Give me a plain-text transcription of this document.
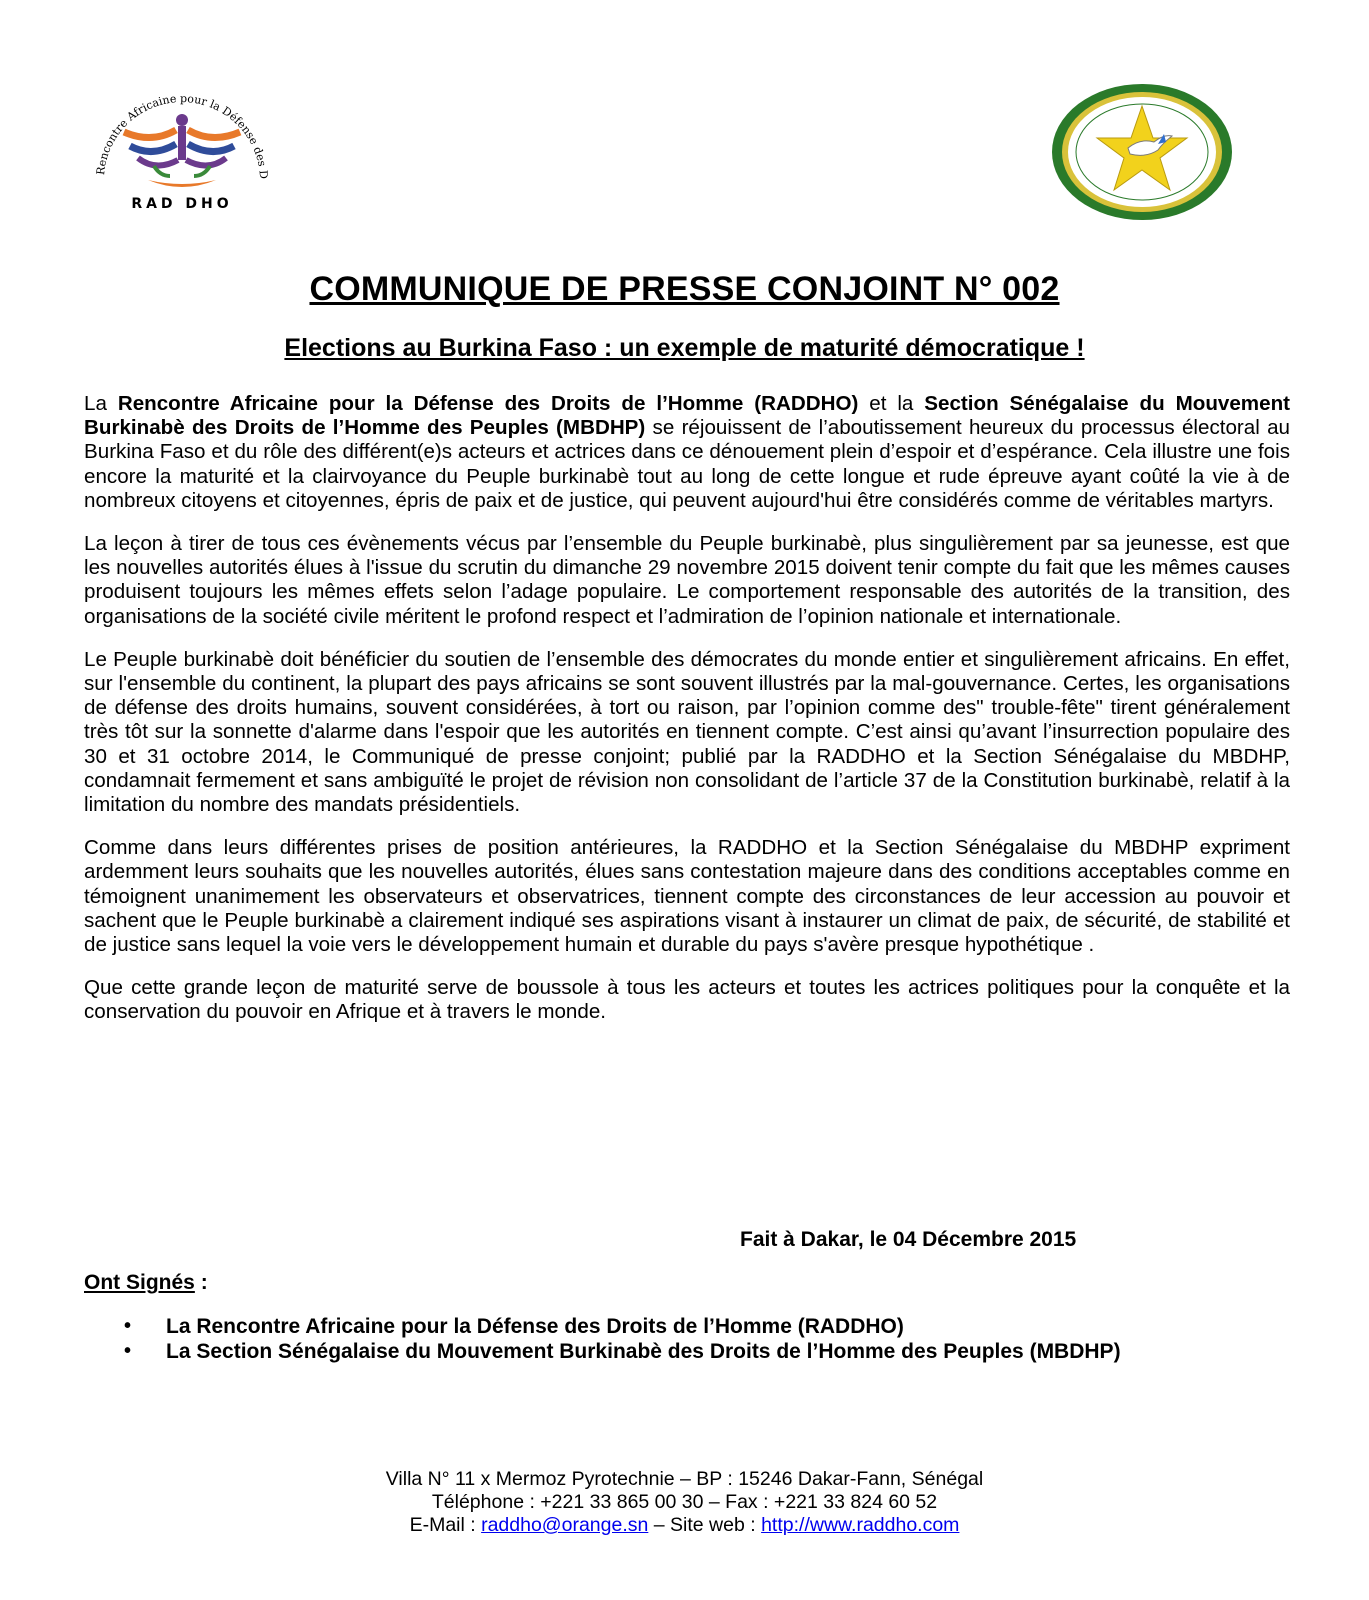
Rencontre Africaine pour la Défense des D
RAD DHO
COMMUNIQUE DE PRESSE CONJOINT N° 002
Elections au Burkina Faso : un exemple de maturité démocratique !

La Rencontre Africaine pour la Défense des Droits de l’Homme (RADDHO) et la Section Sénégalaise du Mouvement Burkinabè des Droits de l’Homme des Peuples (MBDHP) se réjouissent de l’aboutissement heureux du processus électoral au Burkina Faso et du rôle des différent(e)s acteurs et actrices dans ce dénouement plein d’espoir et d’espérance. Cela illustre une fois encore la maturité et la clairvoyance du Peuple burkinabè tout au long de cette longue et rude épreuve ayant coûté la vie à de nombreux citoyens et citoyennes, épris de paix et de justice, qui peuvent aujourd'hui être considérés comme de véritables martyrs.

La leçon à tirer de tous ces évènements vécus par l’ensemble du Peuple burkinabè, plus singulièrement par sa jeunesse, est que les nouvelles autorités élues à l'issue du scrutin du dimanche 29 novembre 2015 doivent tenir compte du fait que les mêmes causes produisent toujours les mêmes effets selon l’adage populaire. Le comportement responsable des autorités de la transition, des organisations de la société civile méritent le profond respect et l’admiration de l’opinion nationale et internationale.

Le Peuple burkinabè doit bénéficier du soutien de l’ensemble des démocrates du monde entier et singulièrement africains. En effet, sur l'ensemble du continent, la plupart des pays africains se sont souvent illustrés par la mal-gouvernance. Certes, les organisations de défense des droits humains, souvent considérées, à tort ou raison, par l’opinion comme des" trouble-fête" tirent généralement très tôt sur la sonnette d'alarme dans l'espoir que les autorités en tiennent compte. C’est ainsi qu’avant l’insurrection populaire des 30 et 31 octobre 2014, le Communiqué de presse conjoint; publié par la RADDHO et la Section Sénégalaise du MBDHP, condamnait fermement et sans ambiguïté le projet de révision non consolidant de l’article 37 de la Constitution burkinabè, relatif à la limitation du nombre des mandats présidentiels.

Comme dans leurs différentes prises de position antérieures, la RADDHO et la Section Sénégalaise du MBDHP expriment ardemment leurs souhaits que les nouvelles autorités, élues sans contestation majeure dans des conditions acceptables comme en témoignent unanimement les observateurs et observatrices, tiennent compte des circonstances de leur accession au pouvoir et sachent que le Peuple burkinabè a clairement indiqué ses aspirations visant à instaurer un climat de paix, de sécurité, de stabilité et de justice sans lequel la voie vers le développement humain et durable du pays s'avère presque hypothétique .

Que cette grande leçon de maturité serve de boussole à tous les acteurs et toutes les actrices politiques pour la conquête et la conservation du pouvoir en Afrique et à travers le monde.

Fait à Dakar, le 04 Décembre 2015
Ont Signés :
• La Rencontre Africaine pour la Défense des Droits de l’Homme (RADDHO)
• La Section Sénégalaise du Mouvement Burkinabè des Droits de l’Homme des Peuples (MBDHP)
Villa N° 11 x Mermoz Pyrotechnie – BP : 15246 Dakar-Fann, Sénégal
Téléphone : +221 33 865 00 30 – Fax : +221 33 824 60 52
E-Mail : raddho@orange.sn – Site web : http://www.raddho.com
